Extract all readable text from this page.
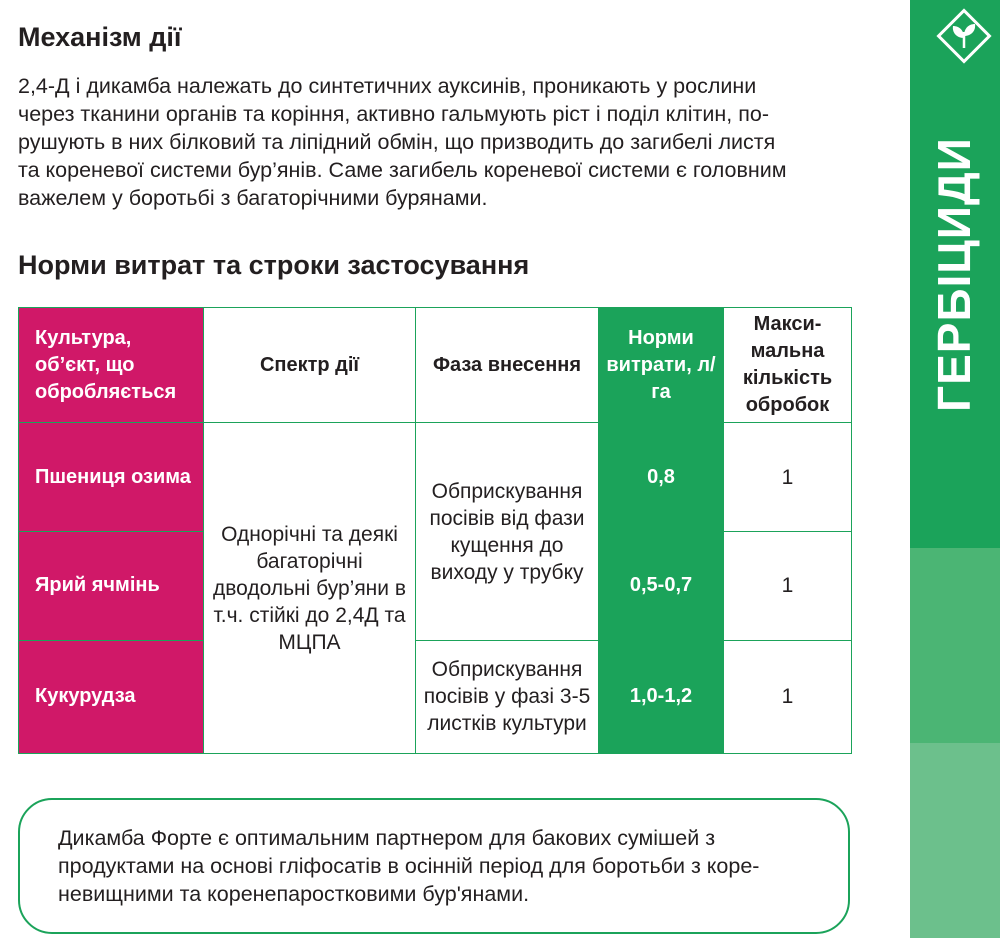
Механізм дії

2,4-Д і дикамба належать до синтетичних ауксинів, проникають у рослини
через тканини органів та коріння, активно гальмують ріст і поділ клітин, по-
рушують в них білковий та ліпідний обмін, що призводить до загибелі листя
та кореневої системи бур’янів. Саме загибель кореневої системи є головним
важелем у боротьбі з багаторічними бурянами.

Норми витрат та строки застосування
Культура, об’єкт, що обробляється	Спектр дії	Фаза внесення	Норми витрати, л/га	Макси-мальна кількість обробок
Пшениця озима	Однорічні та деякі багаторічні дводольні бур’яни в т.ч. стійкі до 2,4Д та МЦПА	Обприскування посівів від фази кущення до виходу у трубку	0,8	1
Ярий ячмінь			0,5-0,7	1
Кукурудза		Обприскування посівів у фазі 3-5 листків культури	1,0-1,2	1
Дикамба Форте є оптимальним партнером для бакових сумішей з
продуктами на основі гліфосатів в осінній період для боротьби з коре-
невищними та коренепаростковими бур'янами.
ГЕРБІЦИДИ
